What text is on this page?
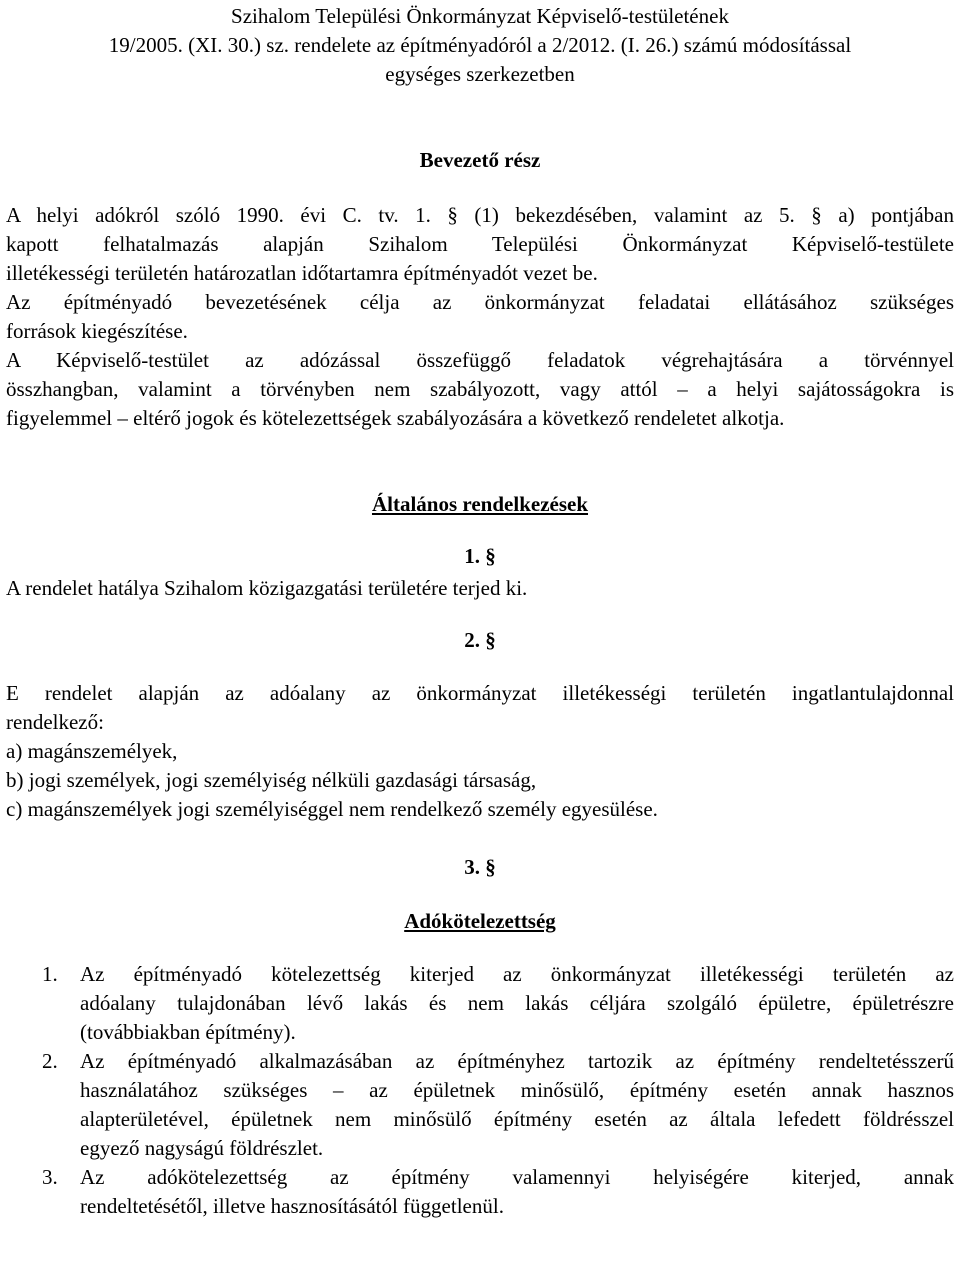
Szihalom Települési Önkormányzat Képviselő-testületének
19/2005. (XI. 30.) sz. rendelete az építményadóról a 2/2012. (I. 26.) számú módosítással
egységes szerkezetben

Bevezető rész

A helyi adókról szóló 1990. évi C. tv. 1. § (1) bekezdésében, valamint az 5. § a) pontjában
kapott felhatalmazás alapján Szihalom Települési Önkormányzat Képviselő-testülete
illetékességi területén határozatlan időtartamra építményadót vezet be.
Az építményadó bevezetésének célja az önkormányzat feladatai ellátásához szükséges
források kiegészítése.
A Képviselő-testület az adózással összefüggő feladatok végrehajtására a törvénnyel
összhangban, valamint a törvényben nem szabályozott, vagy attól – a helyi sajátosságokra is
figyelemmel – eltérő jogok és kötelezettségek szabályozására a következő rendeletet alkotja.

Általános rendelkezések

1. §

A rendelet hatálya Szihalom közigazgatási területére terjed ki.

2. §

E rendelet alapján az adóalany az önkormányzat illetékességi területén ingatlantulajdonnal
rendelkező:
a) magánszemélyek,
b) jogi személyek, jogi személyiség nélküli gazdasági társaság,
c) magánszemélyek jogi személyiséggel nem rendelkező személy egyesülése.

3. §

Adókötelezettség

1. Az építményadó kötelezettség kiterjed az önkormányzat illetékességi területén az
adóalany tulajdonában lévő lakás és nem lakás céljára szolgáló épületre, épületrészre
(továbbiakban építmény).
2. Az építményadó alkalmazásában az építményhez tartozik az építmény rendeltetésszerű
használatához szükséges – az épületnek minősülő, építmény esetén annak hasznos
alapterületével, épületnek nem minősülő építmény esetén az általa lefedett földrésszel
egyező nagyságú földrészlet.
3. Az adókötelezettség az építmény valamennyi helyiségére kiterjed, annak
rendeltetésétől, illetve hasznosításától függetlenül.
